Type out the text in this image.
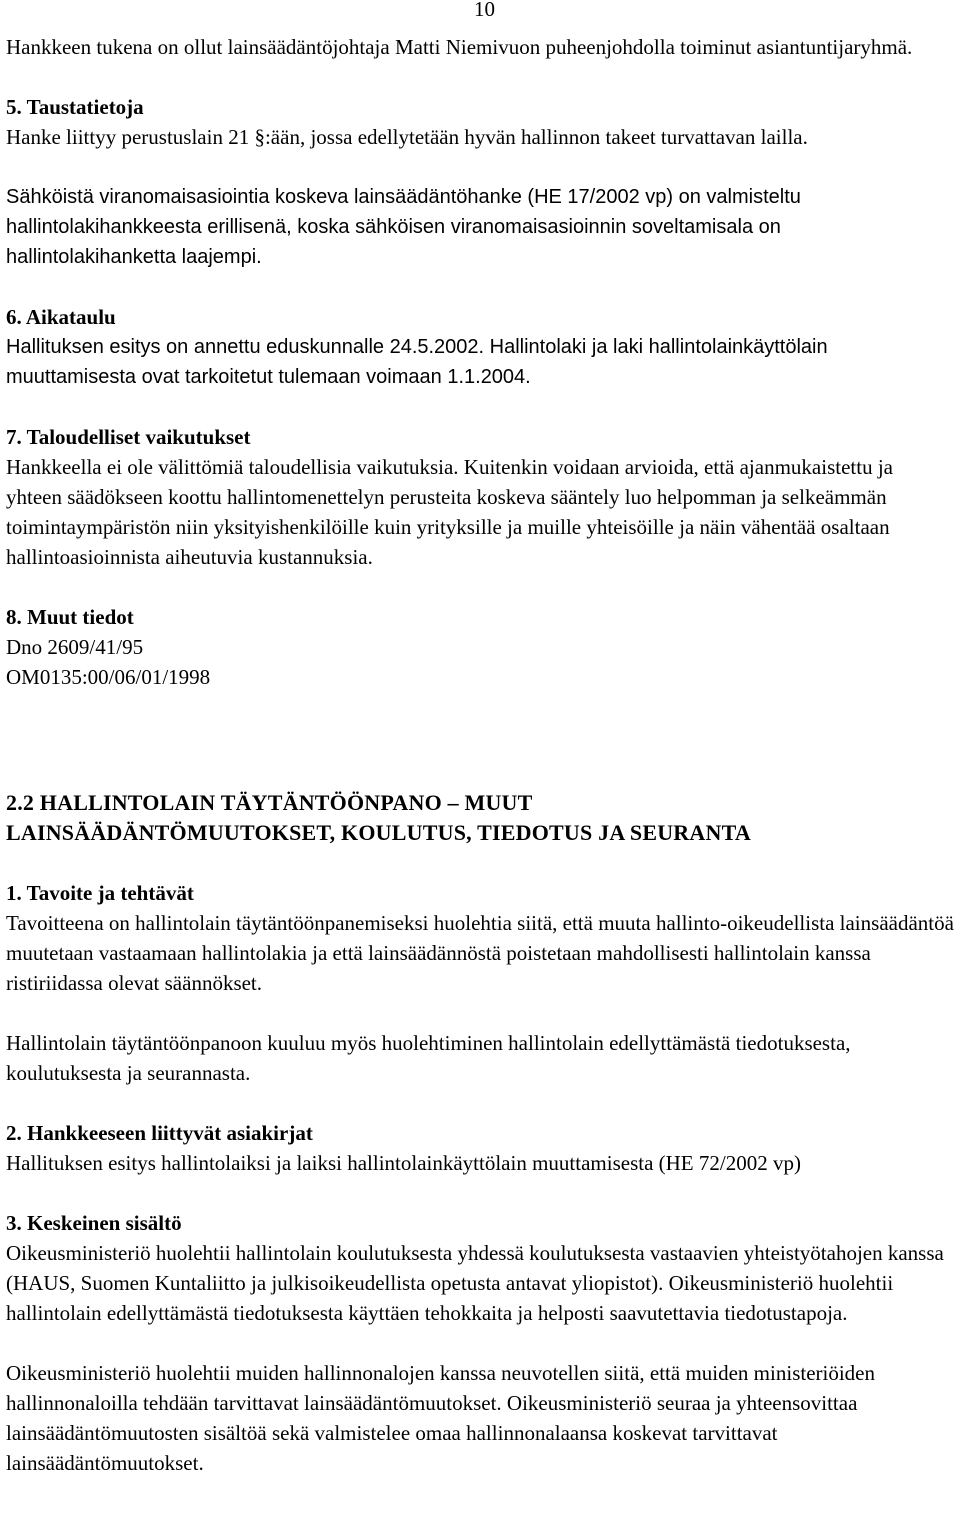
10

Hankkeen tukena on ollut lainsäädäntöjohtaja Matti Niemivuon puheenjohdolla toiminut asiantuntijaryhmä.

5. Taustatietoja

Hanke liittyy perustuslain 21 §:ään, jossa edellytetään hyvän hallinnon takeet turvattavan lailla.

Sähköistä viranomaisasiointia koskeva lainsäädäntöhanke (HE 17/2002 vp) on valmisteltu hallintolakihankkeesta erillisenä, koska sähköisen viranomaisasioinnin soveltamisala on hallintolakihanketta laajempi.

6. Aikataulu

Hallituksen esitys on annettu eduskunnalle 24.5.2002. Hallintolaki ja laki hallintolainkäyttölain muuttamisesta ovat tarkoitetut tulemaan voimaan 1.1.2004.

7. Taloudelliset vaikutukset

Hankkeella ei ole välittömiä taloudellisia vaikutuksia. Kuitenkin voidaan arvioida, että ajanmukaistettu ja yhteen säädökseen koottu hallintomenettelyn perusteita koskeva sääntely luo helpomman ja selkeämmän toimintaympäristön niin yksityishenkilöille kuin yrityksille ja muille yhteisöille ja näin vähentää osaltaan hallintoasioinnista aiheutuvia kustannuksia.

8. Muut tiedot

Dno 2609/41/95

OM0135:00/06/01/1998

2.2 HALLINTOLAIN TÄYTÄNTÖÖNPANO – MUUT
LAINSÄÄDÄNTÖMUUTOKSET, KOULUTUS, TIEDOTUS JA SEURANTA
1. Tavoite ja tehtävät

Tavoitteena on hallintolain täytäntöönpanemiseksi huolehtia siitä, että muuta hallinto-oikeudellista lainsäädäntöä muutetaan vastaamaan hallintolakia ja että lainsäädännöstä poistetaan mahdollisesti hallintolain kanssa ristiriidassa olevat säännökset.

Hallintolain täytäntöönpanoon kuuluu myös huolehtiminen hallintolain edellyttämästä tiedotuksesta, koulutuksesta ja seurannasta.

2. Hankkeeseen liittyvät asiakirjat

Hallituksen esitys hallintolaiksi ja laiksi hallintolainkäyttölain muuttamisesta (HE 72/2002 vp)

3. Keskeinen sisältö

Oikeusministeriö huolehtii hallintolain koulutuksesta yhdessä koulutuksesta vastaavien yhteistyötahojen kanssa (HAUS, Suomen Kuntaliitto ja julkisoikeudellista opetusta antavat yliopistot). Oikeusministeriö huolehtii hallintolain edellyttämästä tiedotuksesta käyttäen tehokkaita ja helposti saavutettavia tiedotustapoja.

Oikeusministeriö huolehtii muiden hallinnonalojen kanssa neuvotellen siitä, että muiden ministeriöiden hallinnonaloilla tehdään tarvittavat lainsäädäntömuutokset. Oikeusministeriö seuraa ja yhteensovittaa lainsäädäntömuutosten sisältöä sekä valmistelee omaa hallinnonalaansa koskevat tarvittavat lainsäädäntömuutokset.
